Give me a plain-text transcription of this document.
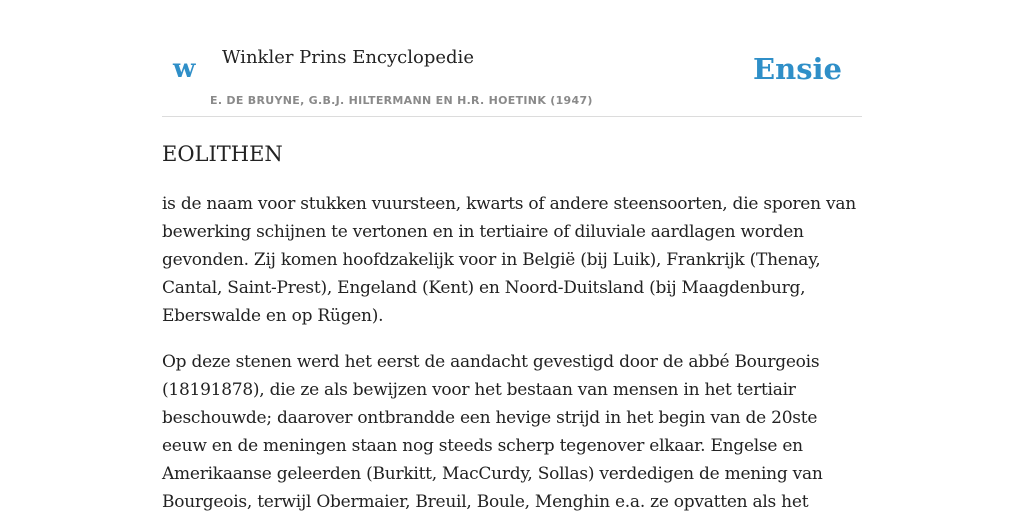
w Winkler Prins Encyclopedie
E. DE BRUYNE, G.B.J. HILTERMANN EN H.R. HOETINK (1947)
Ensie
EOLITHEN

is de naam voor stukken vuursteen, kwarts of andere steensoorten, die sporen van bewerking schijnen te vertonen en in tertiaire of diluviale aardlagen worden gevonden. Zij komen hoofdzakelijk voor in België (bij Luik), Frankrijk (Thenay, Cantal, Saint-Prest), Engeland (Kent) en Noord-Duitsland (bij Maagdenburg, Eberswalde en op Rügen).

Op deze stenen werd het eerst de aandacht gevestigd door de abbé Bourgeois (18191878), die ze als bewijzen voor het bestaan van mensen in het tertiair beschouwde; daarover ontbrandde een hevige strijd in het begin van de 20ste eeuw en de meningen staan nog steeds scherp tegenover elkaar. Engelse en Amerikaanse geleerden (Burkitt, MacCurdy, Sollas) verdedigen de mening van Bourgeois, terwijl Obermaier, Breuil, Boule, Menghin e.a. ze opvatten als het
